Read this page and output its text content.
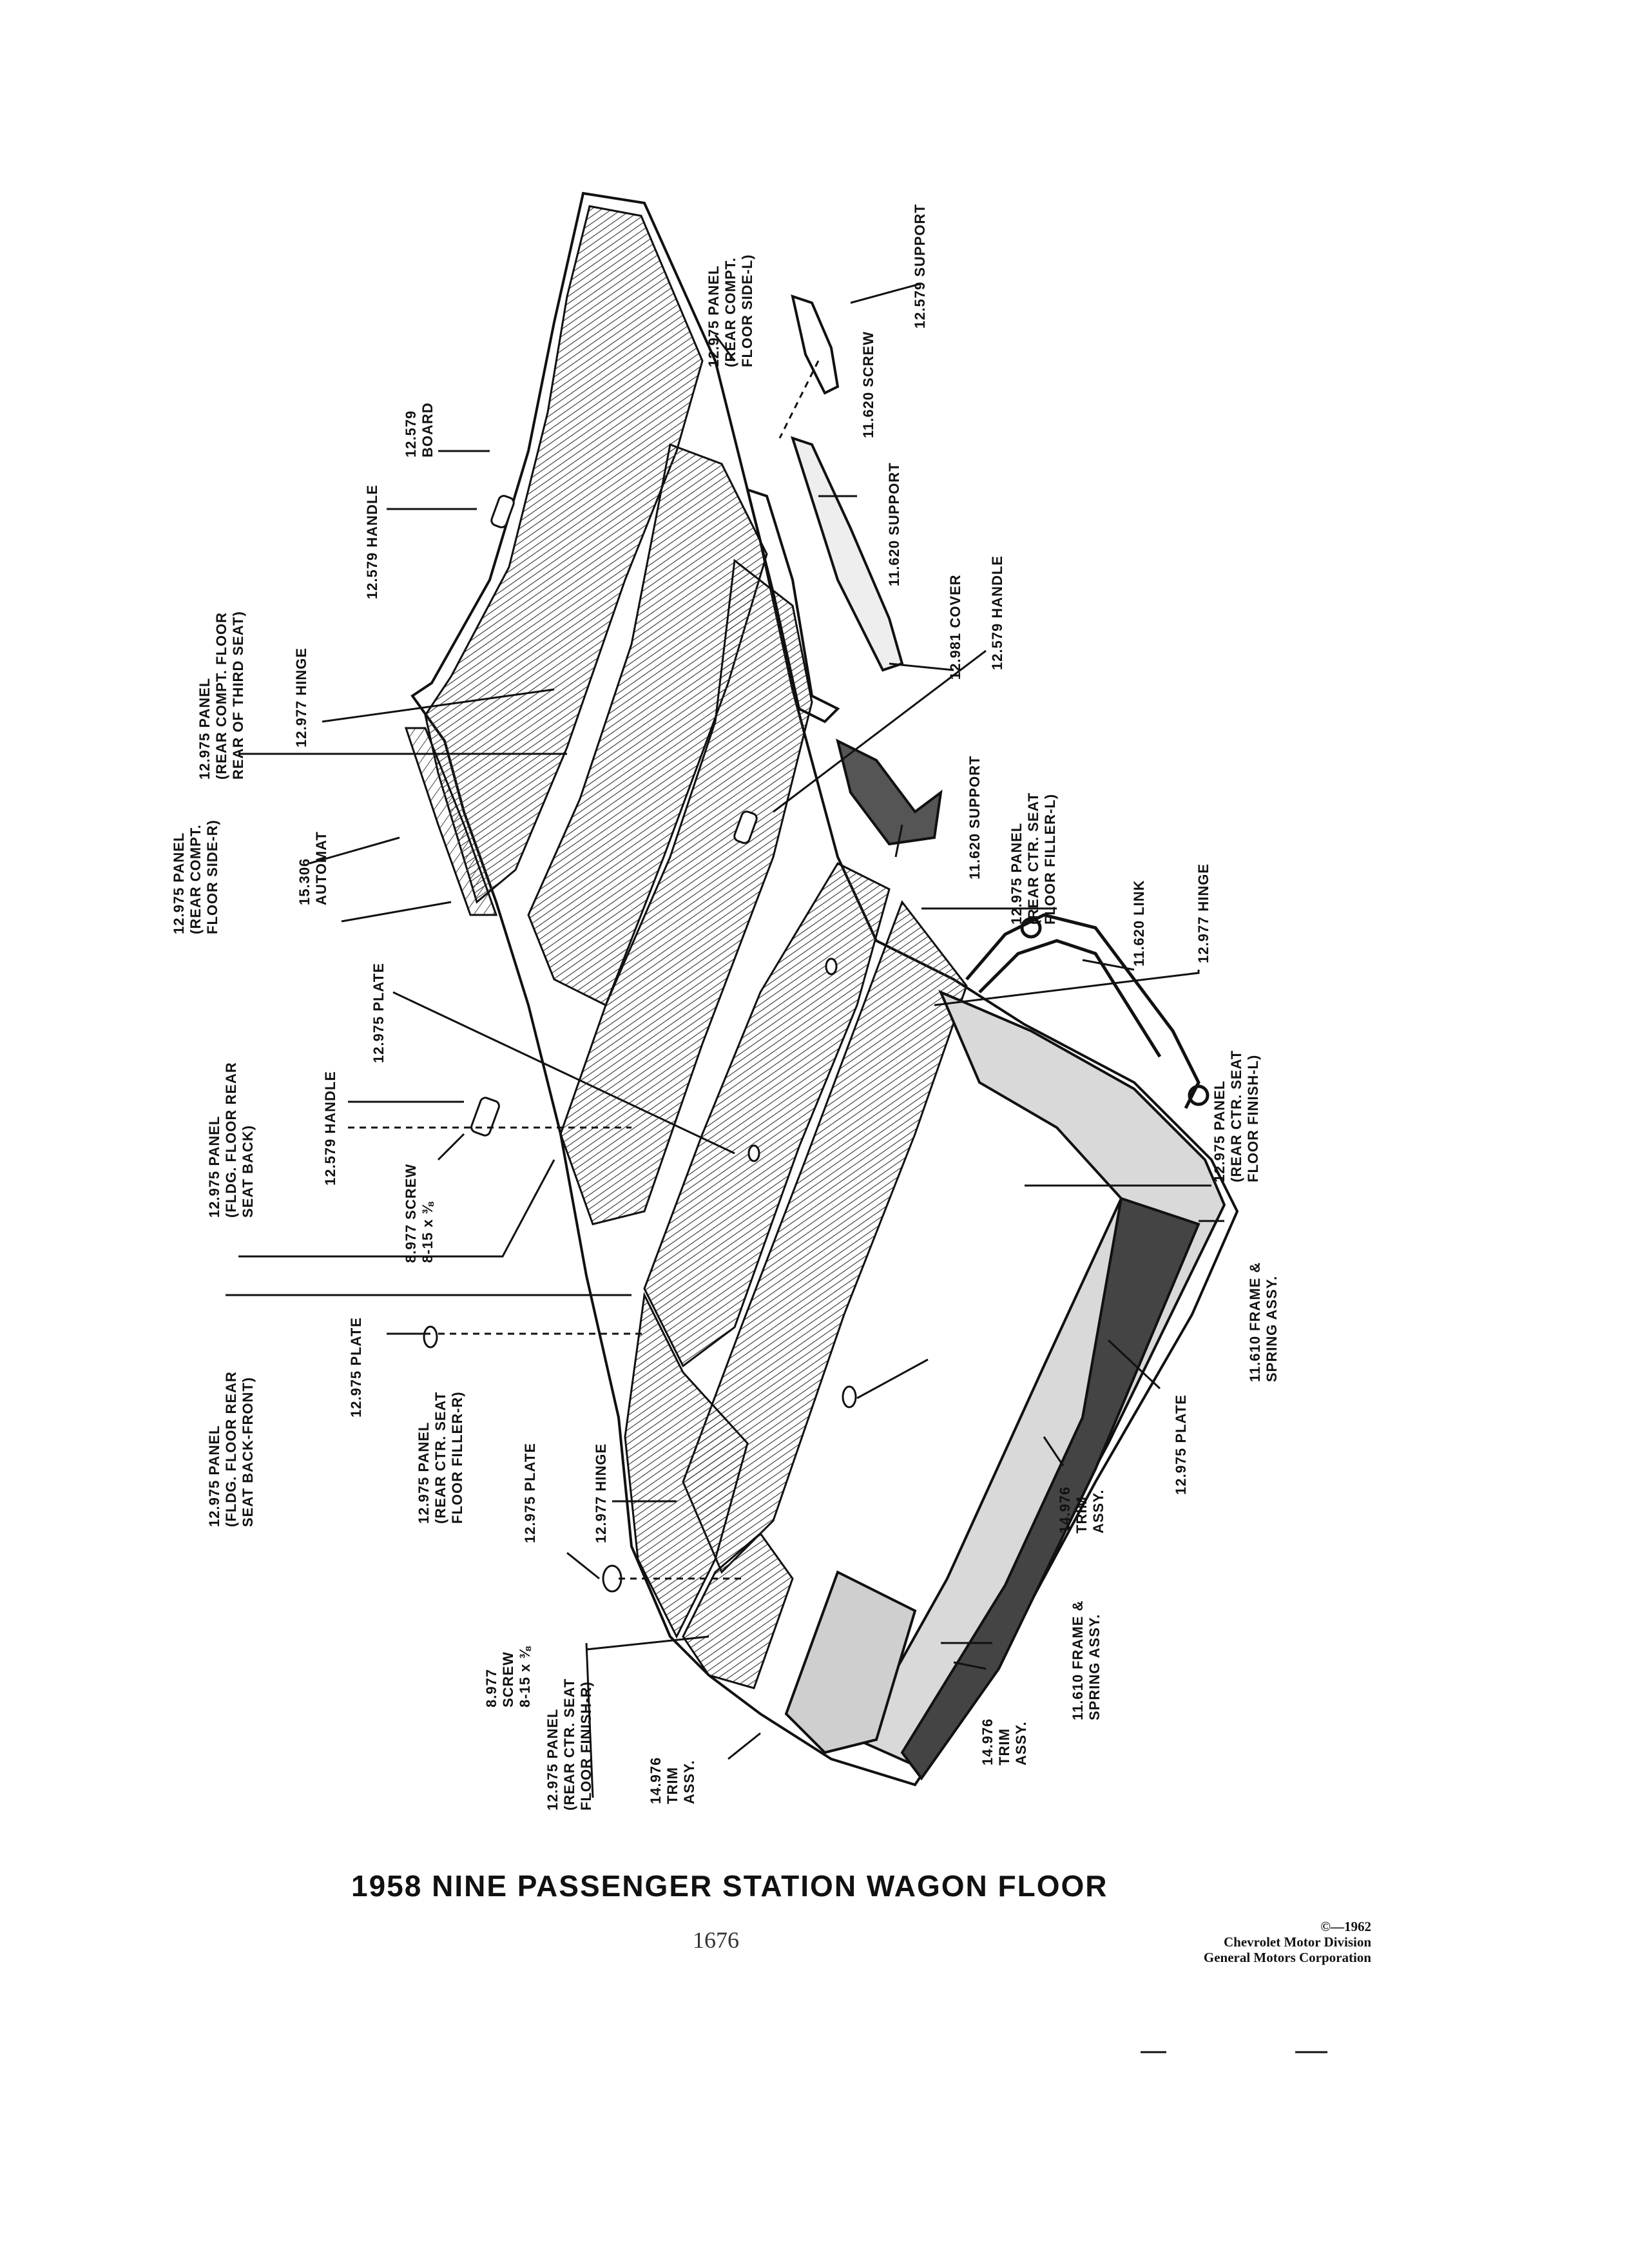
12.579 SUPPORT
12.975 PANEL (REAR COMPT. FLOOR SIDE-L)
11.620 SCREW
12.579 BOARD
11.620 SUPPORT
12.579 HANDLE
12.981 COVER 12.579 HANDLE
12.975 PANEL (REAR COMPT. FLOOR REAR OF THIRD SEAT)	12.977 HINGE
11.620 SUPPORT
12.975 PANEL (REAR COMPT. FLOOR SIDE-R)	15.306 AUTOMAT	12.975 PANEL (REAR CTR. SEAT FLOOR FILLER-L)	11.620 LINK	12.977 HINGE
12.975 PLATE
12.975 PANEL (FLDG. FLOOR REAR SEAT BACK)	12.579 HANDLE
8.977 SCREW 8-15 x ⅜
12.975 PANEL (REAR CTR. SEAT FLOOR FINISH-L)
11.610 FRAME & SPRING ASSY.
12.975 PANEL (FLDG. FLOOR REAR SEAT BACK-FRONT)
12.975 PLATE
12.975 PANEL (REAR CTR. SEAT FLOOR FILLER-R)	12.975 PLATE	12.977 HINGE	12.975 PLATE
14.976 TRIM ASSY.
8.977 SCREW 8-15 x ⅜	11.610 FRAME & SPRING ASSY.
14.976 TRIM ASSY.
12.975 PANEL (REAR CTR. SEAT FLOOR FINISH-R)	14.976 TRIM ASSY.
1958 NINE PASSENGER STATION WAGON FLOOR
1676
©—1962
Chevrolet Motor Division
General Motors Corporation
